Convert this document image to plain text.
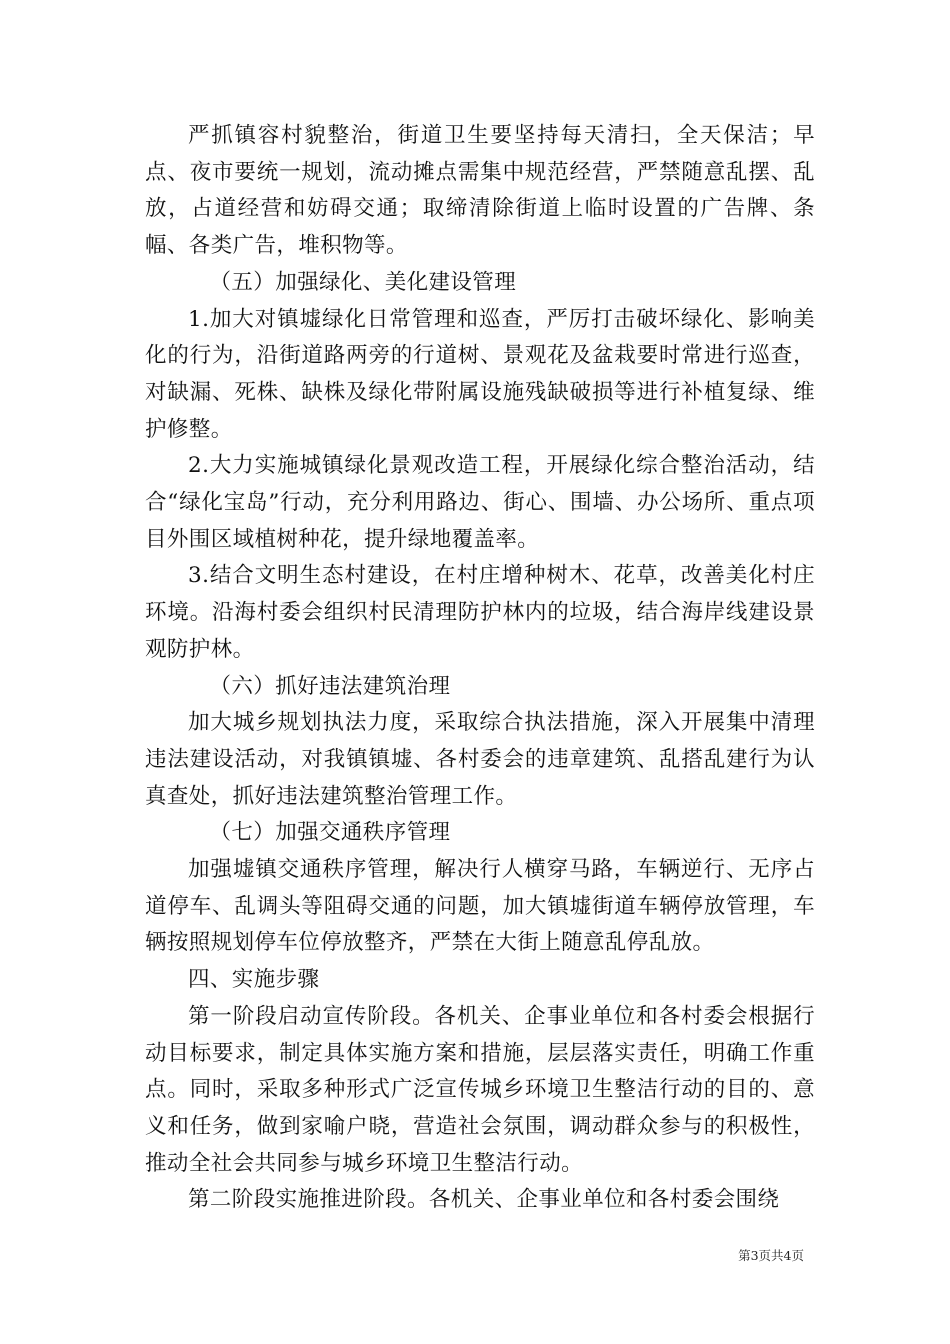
严抓镇容村貌整治，街道卫生要坚持每天清扫，全天保洁；早点、夜市要统一规划，流动摊点需集中规范经营，严禁随意乱摆、乱放，占道经营和妨碍交通；取缔清除街道上临时设置的广告牌、条幅、各类广告，堆积物等。

（五）加强绿化、美化建设管理

1.加大对镇墟绿化日常管理和巡查，严厉打击破坏绿化、影响美化的行为，沿街道路两旁的行道树、景观花及盆栽要时常进行巡查，对缺漏、死株、缺株及绿化带附属设施残缺破损等进行补植复绿、维护修整。

2.大力实施城镇绿化景观改造工程，开展绿化综合整治活动，结合“绿化宝岛”行动，充分利用路边、街心、围墙、办公场所、重点项目外围区域植树种花，提升绿地覆盖率。

3.结合文明生态村建设，在村庄增种树木、花草，改善美化村庄环境。沿海村委会组织村民清理防护林内的垃圾，结合海岸线建设景观防护林。

（六）抓好违法建筑治理

加大城乡规划执法力度，采取综合执法措施，深入开展集中清理违法建设活动，对我镇镇墟、各村委会的违章建筑、乱搭乱建行为认真查处，抓好违法建筑整治管理工作。

（七）加强交通秩序管理

加强墟镇交通秩序管理，解决行人横穿马路，车辆逆行、无序占道停车、乱调头等阻碍交通的问题，加大镇墟街道车辆停放管理，车辆按照规划停车位停放整齐，严禁在大街上随意乱停乱放。

四、实施步骤

第一阶段启动宣传阶段。各机关、企事业单位和各村委会根据行动目标要求，制定具体实施方案和措施，层层落实责任，明确工作重点。同时，采取多种形式广泛宣传城乡环境卫生整洁行动的目的、意义和任务，做到家喻户晓，营造社会氛围，调动群众参与的积极性，推动全社会共同参与城乡环境卫生整洁行动。

第二阶段实施推进阶段。各机关、企事业单位和各村委会围绕

第3页共4页
